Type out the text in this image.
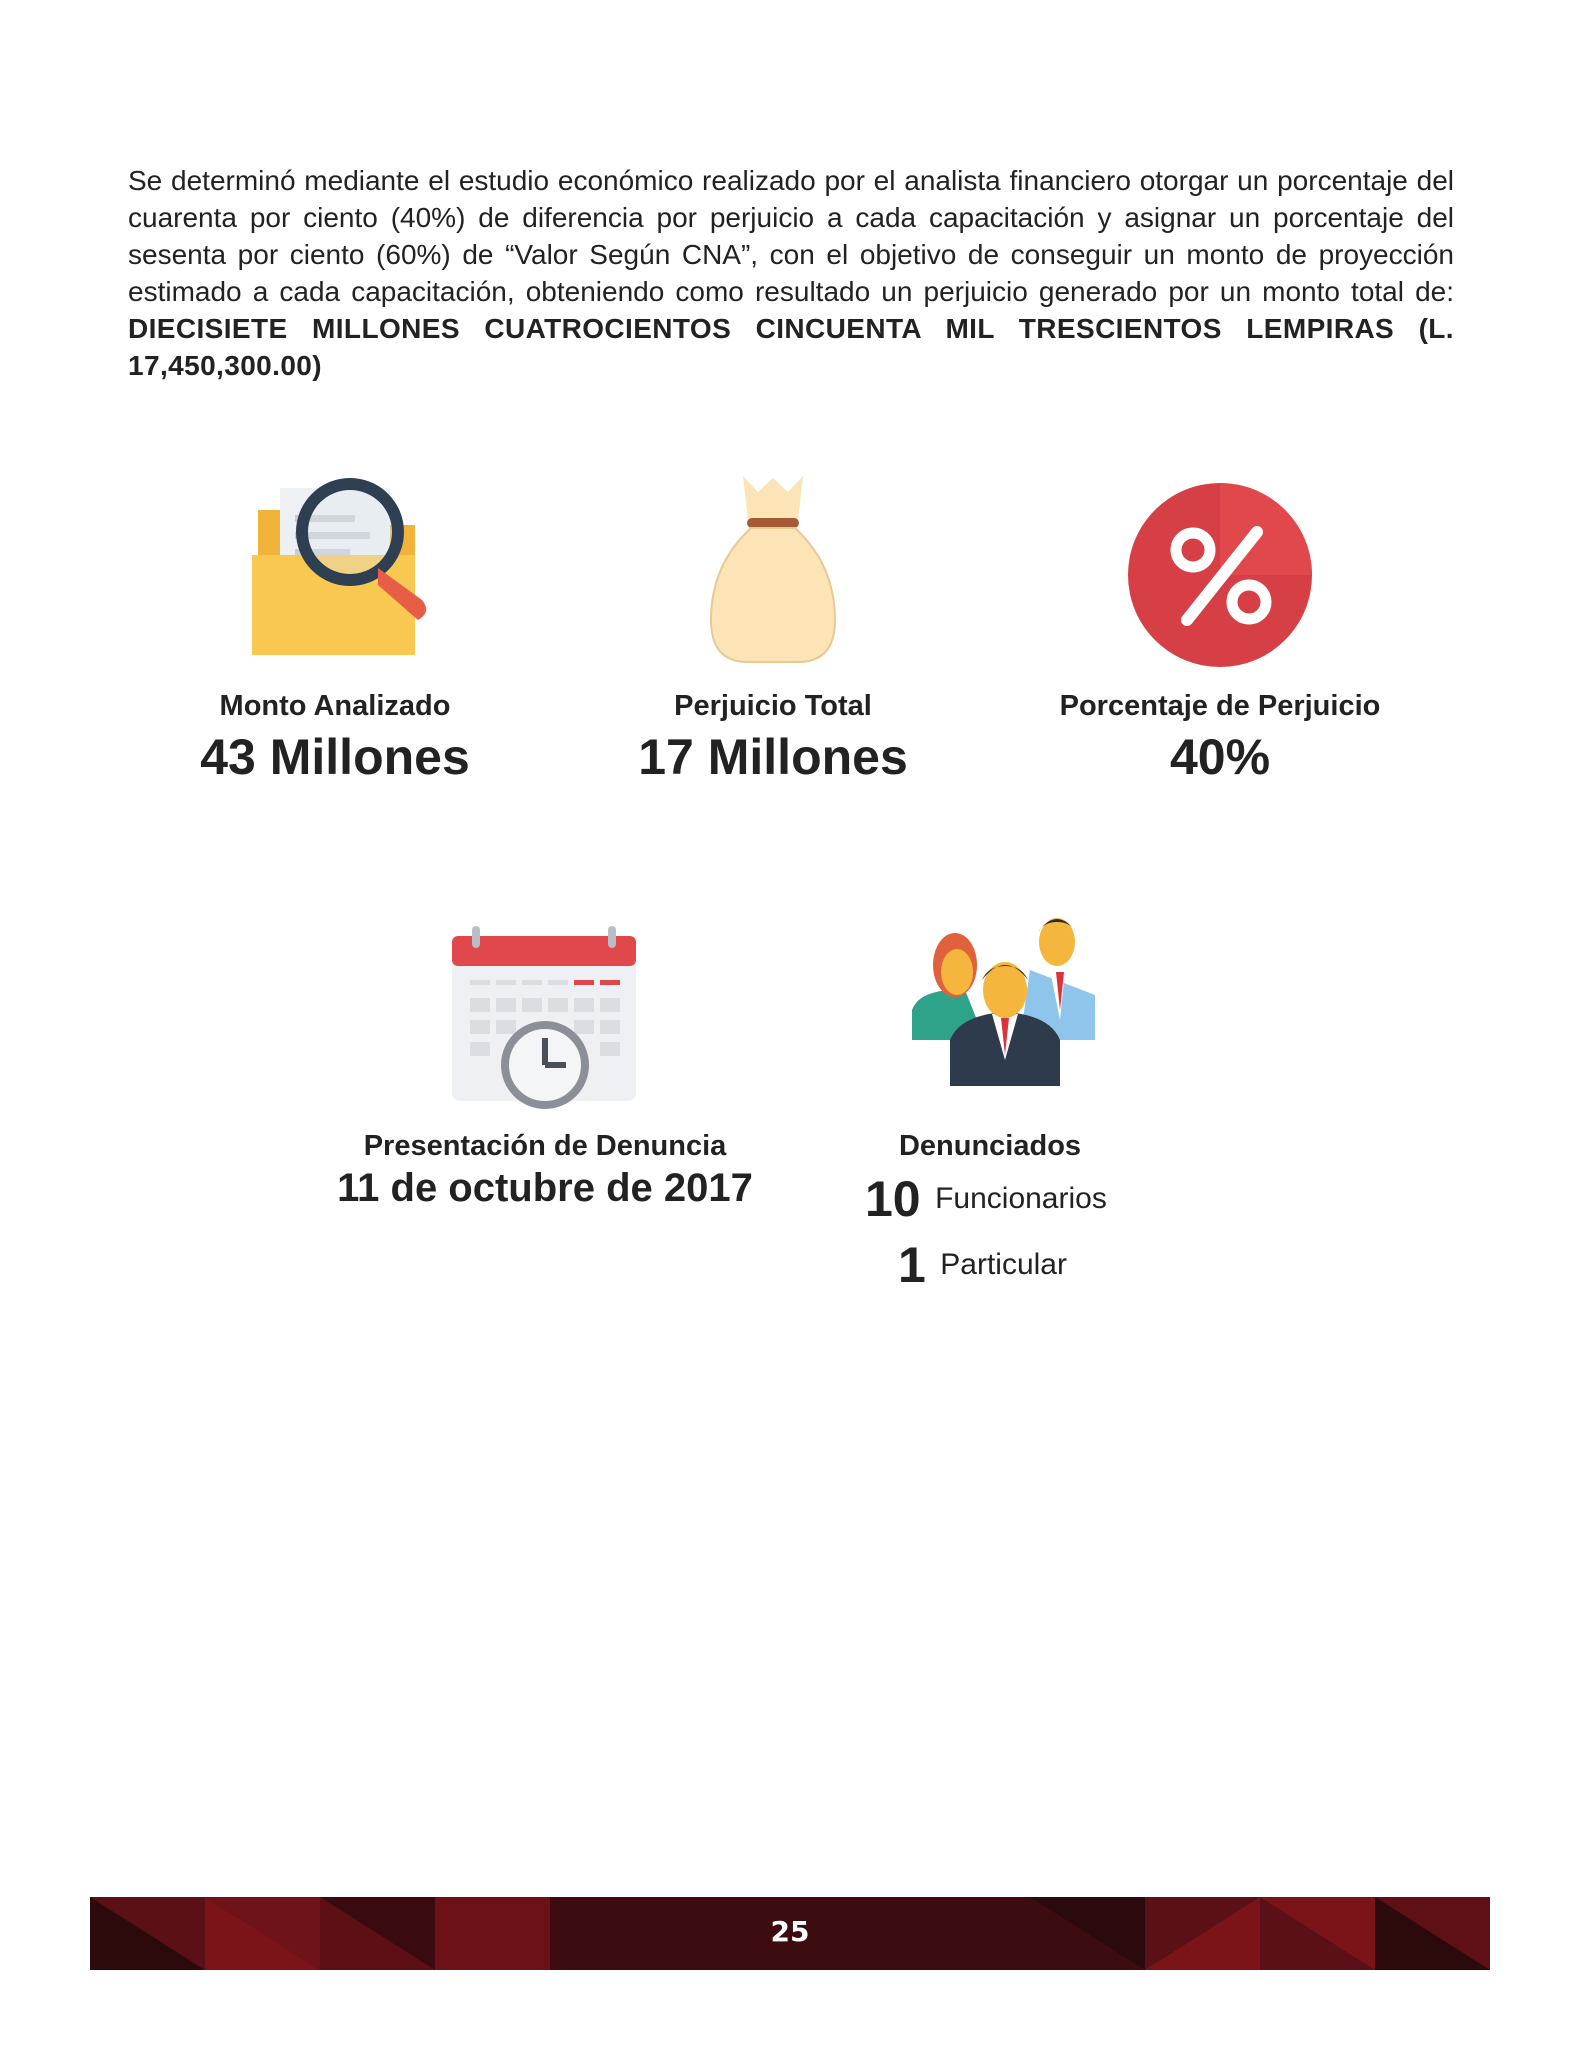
Se determinó mediante el estudio económico realizado por el analista financiero otorgar un porcentaje del
cuarenta por ciento (40%) de diferencia por perjuicio a cada capacitación y asignar un porcentaje del
sesenta por ciento (60%) de “Valor Según CNA”, con el objetivo de conseguir un monto de proyección
estimado a cada capacitación, obteniendo como resultado un perjuicio generado por un monto total de:
DIECISIETE MILLONES CUATROCIENTOS CINCUENTA MIL TRESCIENTOS LEMPIRAS (L.
17,450,300.00)
Monto Analizado
43 Millones
Perjuicio Total
17 Millones
Porcentaje de Perjuicio
40%
Presentación de Denuncia
11 de octubre de 2017
Denunciados
10 Funcionarios
1 Particular
25
